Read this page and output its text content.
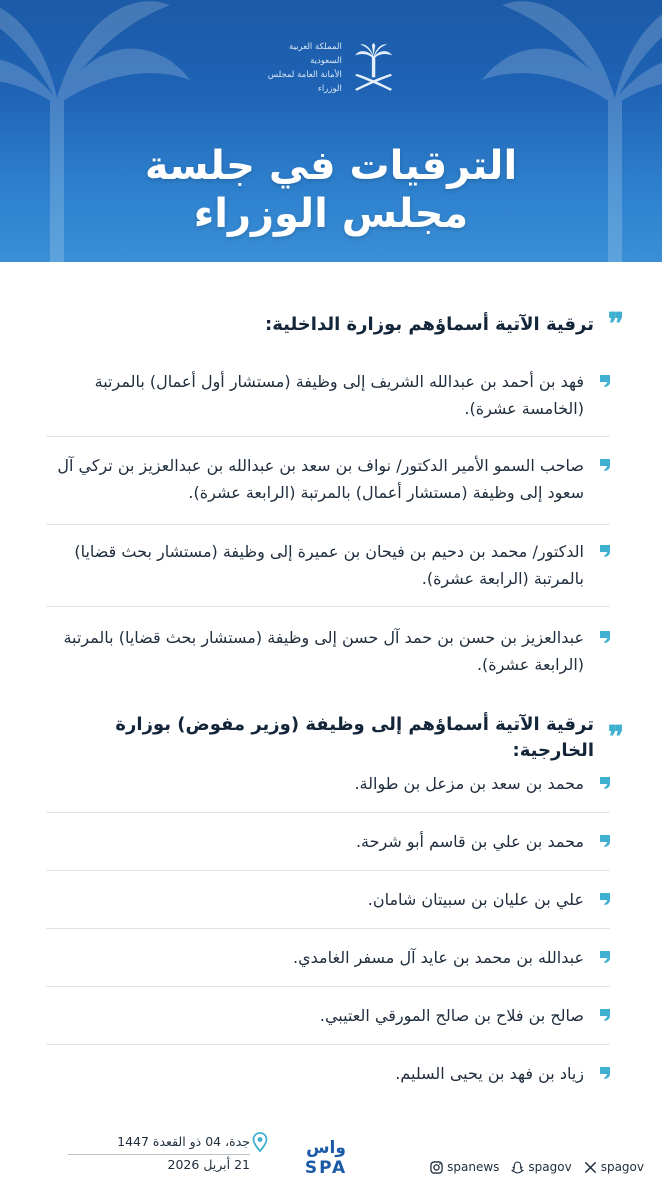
المملكة العربية السعودية
الأمانة العامة لمجلس الوزراء
الترقيات في جلسة
مجلس الوزراء
❞
ترقية الآتية أسماؤهم بوزارة الداخلية:
فهد بن أحمد بن عبدالله الشريف إلى وظيفة (مستشار أول أعمال) بالمرتبة (الخامسة عشرة).
صاحب السمو الأمير الدكتور/ نواف بن سعد بن عبدالله بن عبدالعزيز بن تركي آل سعود إلى وظيفة (مستشار أعمال) بالمرتبة (الرابعة عشرة).
الدكتور/ محمد بن دحيم بن فيحان بن عميرة إلى وظيفة (مستشار بحث قضايا) بالمرتبة (الرابعة عشرة).
عبدالعزيز بن حسن بن حمد آل حسن إلى وظيفة (مستشار بحث قضايا) بالمرتبة (الرابعة عشرة).
❞
ترقية الآتية أسماؤهم إلى وظيفة (وزير مفوض) بوزارة الخارجية:
محمد بن سعد بن مزعل بن طوالة.
محمد بن علي بن قاسم أبو شرحة.
علي بن عليان بن سبيتان شامان.
عبدالله بن محمد بن عايد آل مسفر الغامدي.
صالح بن فلاح بن صالح المورقي العتيبي.
زياد بن فهد بن يحيى السليم.
جدة، 04 ذو القعدة 1447
21 أبريل 2026
واس
SPA	spanews spagov spagov
